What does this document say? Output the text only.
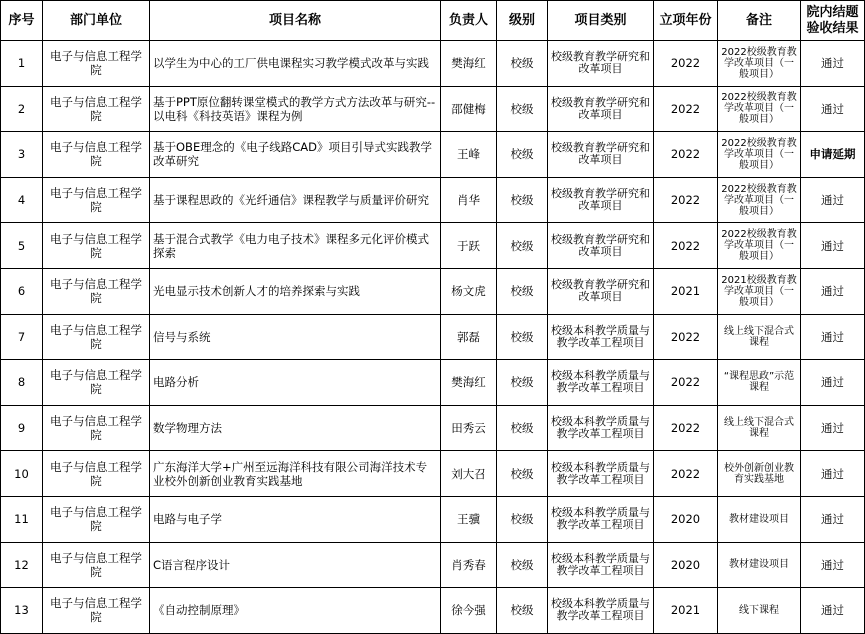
序号	部门单位	项目名称	负责人	级别	项目类别	立项年份	备注	院内结题验收结果
1	电子与信息工程学院	以学生为中心的工厂供电课程实习教学模式改革与实践	樊海红	校级	校级教育教学研究和改革项目	2022	2022校级教育教学改革项目（一般项目）	通过
2	电子与信息工程学院	基于PPT原位翻转课堂模式的教学方式方法改革与研究--以电科《科技英语》课程为例	邵健梅	校级	校级教育教学研究和改革项目	2022	2022校级教育教学改革项目（一般项目）	通过
3	电子与信息工程学院	基于OBE理念的《电子线路CAD》项目引导式实践教学改革研究	王峰	校级	校级教育教学研究和改革项目	2022	2022校级教育教学改革项目（一般项目）	申请延期
4	电子与信息工程学院	基于课程思政的《光纤通信》课程教学与质量评价研究	肖华	校级	校级教育教学研究和改革项目	2022	2022校级教育教学改革项目（一般项目）	通过
5	电子与信息工程学院	基于混合式教学《电力电子技术》课程多元化评价模式探索	于跃	校级	校级教育教学研究和改革项目	2022	2022校级教育教学改革项目（一般项目）	通过
6	电子与信息工程学院	光电显示技术创新人才的培养探索与实践	杨文虎	校级	校级教育教学研究和改革项目	2021	2021校级教育教学改革项目（一般项目）	通过
7	电子与信息工程学院	信号与系统	郭磊	校级	校级本科教学质量与教学改革工程项目	2022	线上线下混合式课程	通过
8	电子与信息工程学院	电路分析	樊海红	校级	校级本科教学质量与教学改革工程项目	2022	“课程思政”示范课程	通过
9	电子与信息工程学院	数学物理方法	田秀云	校级	校级本科教学质量与教学改革工程项目	2022	线上线下混合式课程	通过
10	电子与信息工程学院	广东海洋大学+广州至远海洋科技有限公司海洋技术专业校外创新创业教育实践基地	刘大召	校级	校级本科教学质量与教学改革工程项目	2022	校外创新创业教育实践基地	通过
11	电子与信息工程学院	电路与电子学	王骥	校级	校级本科教学质量与教学改革工程项目	2020	教材建设项目	通过
12	电子与信息工程学院	C语言程序设计	肖秀春	校级	校级本科教学质量与教学改革工程项目	2020	教材建设项目	通过
13	电子与信息工程学院	《自动控制原理》	徐今强	校级	校级本科教学质量与教学改革工程项目	2021	线下课程	通过
